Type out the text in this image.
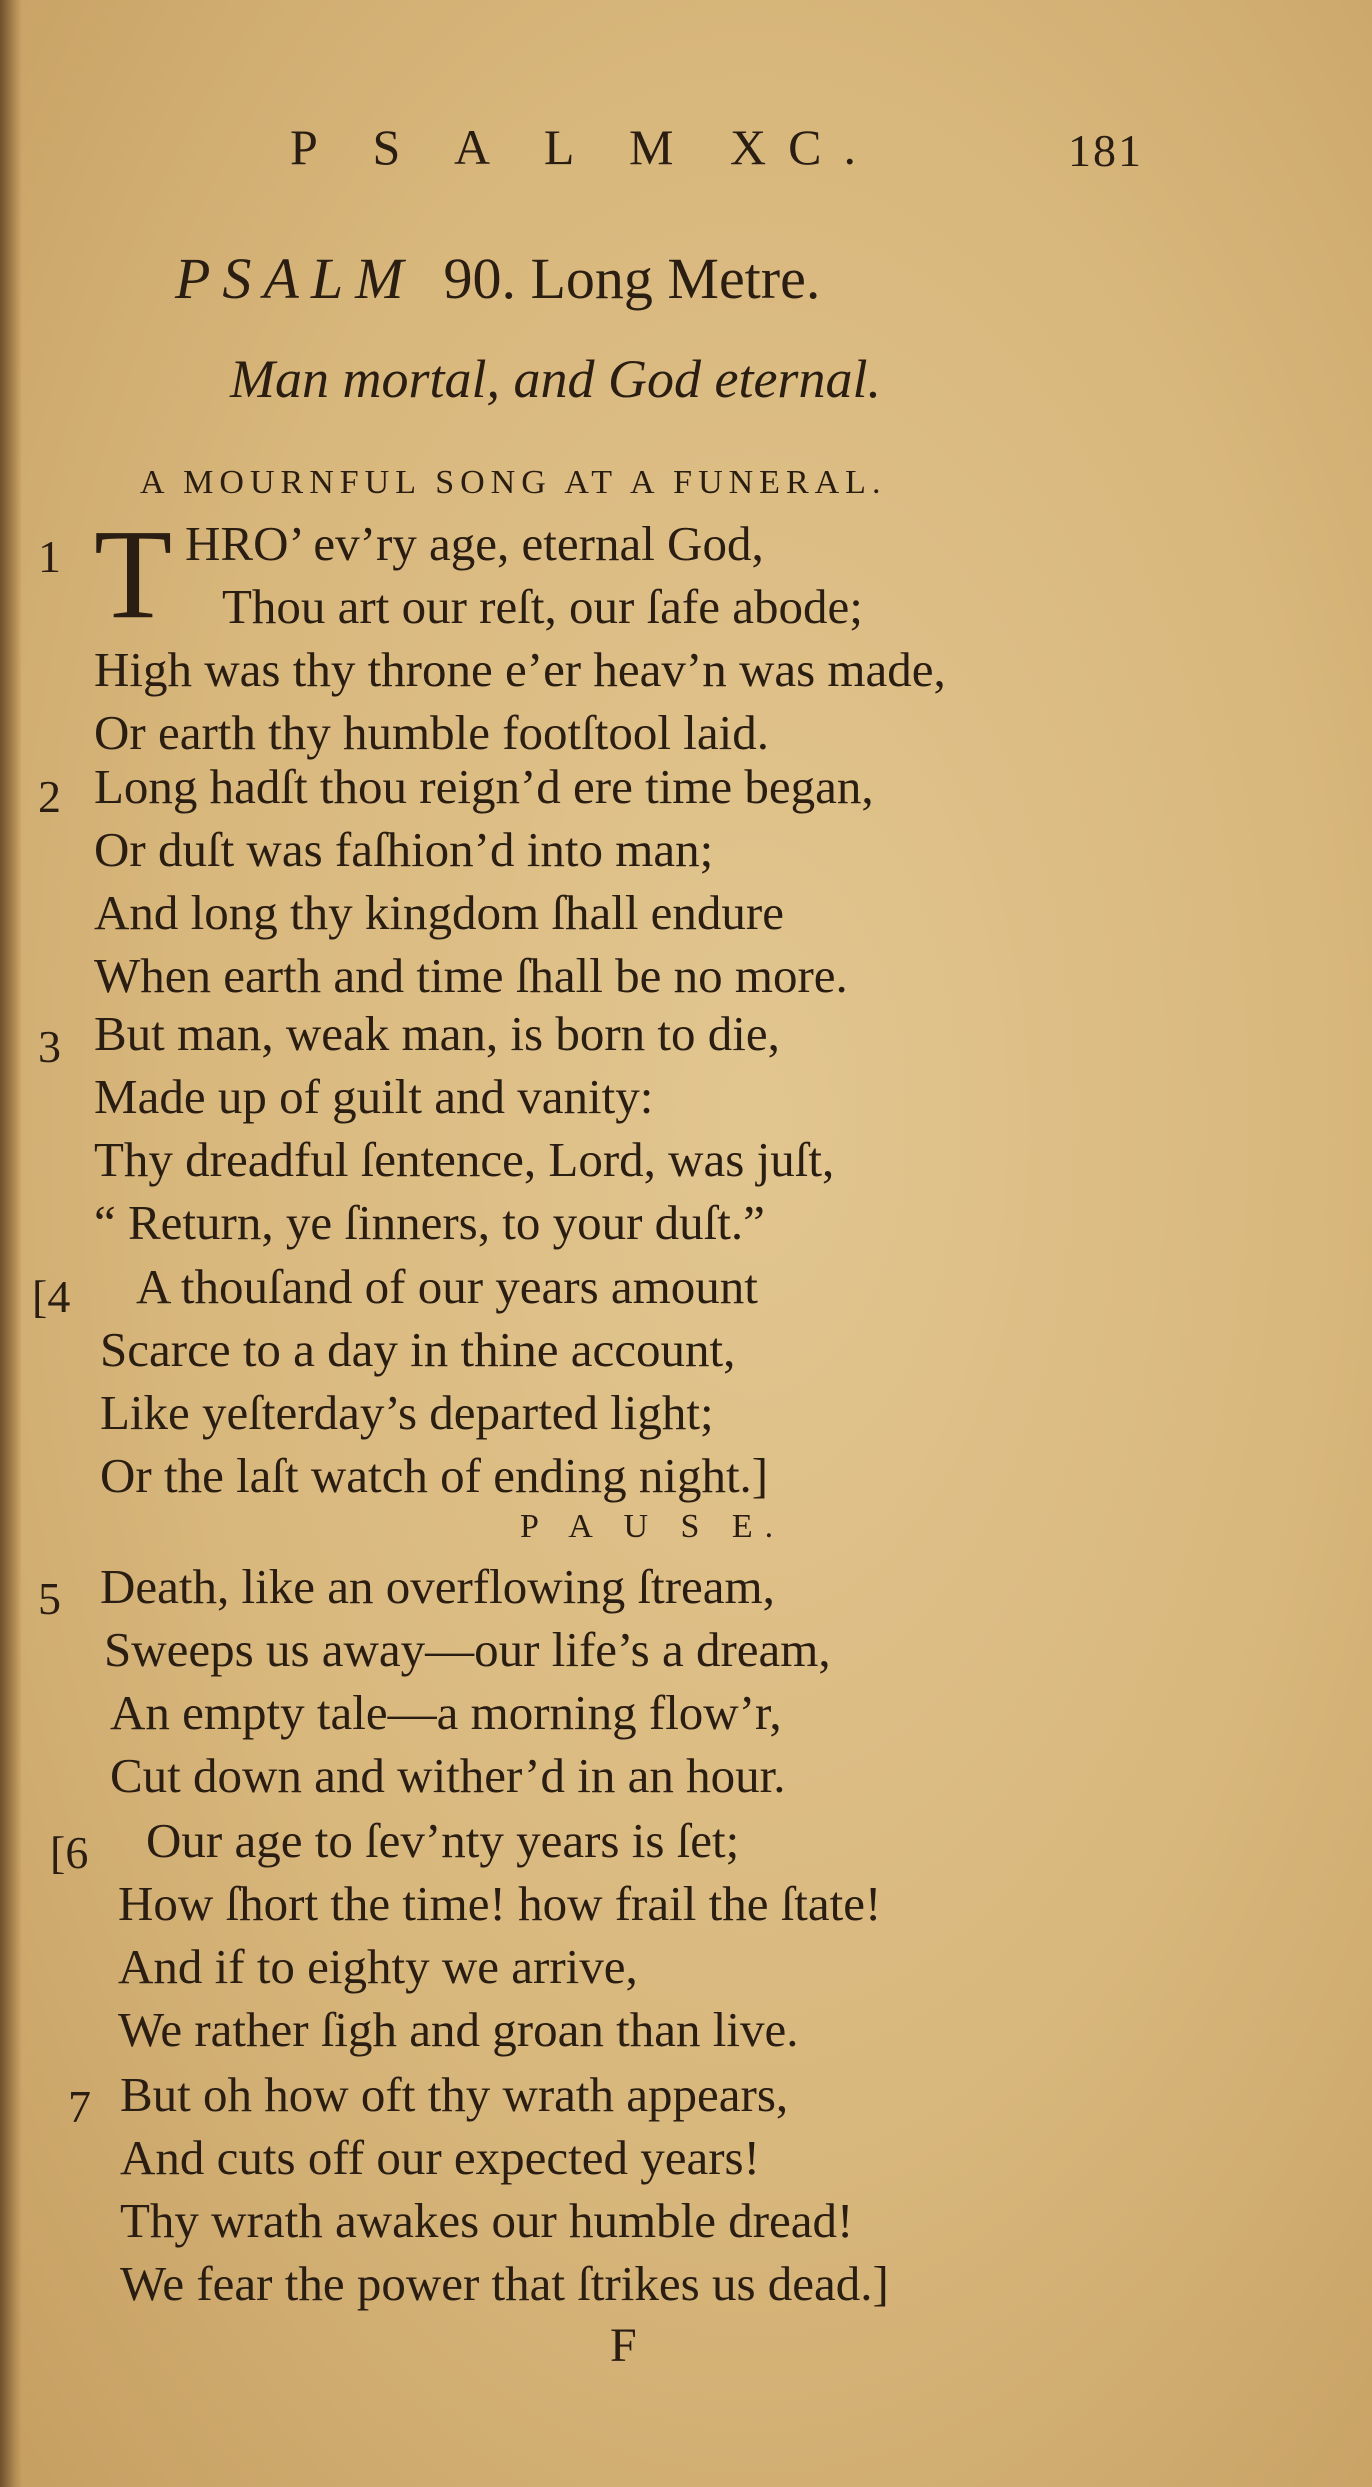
P S A L M XC.	181
PSALM 90. Long Metre.
Man mortal, and God eternal.
A MOURNFUL SONG AT A FUNERAL.
T
1	HRO’ ev’ry age, eternal God,
Thou art our reſt, our ſafe abode;
High was thy throne e’er heav’n was made,
Or earth thy humble footſtool laid.
2 Long hadſt thou reign’d ere time began,
Or duſt was faſhion’d into man;
And long thy kingdom ſhall endure
When earth and time ſhall be no more.
3 But man, weak man, is born to die,
Made up of guilt and vanity:
Thy dreadful ſentence, Lord, was juſt,
“ Return, ye ſinners, to your duſt.”
[4 A thouſand of our years amount
Scarce to a day in thine account,
Like yeſterday’s departed light;
Or the laſt watch of ending night.]
P A U S E.
5 Death, like an overflowing ſtream,
Sweeps us away—our life’s a dream,
An empty tale—a morning flow’r,
Cut down and wither’d in an hour.
[6 Our age to ſev’nty years is ſet;
How ſhort the time! how frail the ſtate!
And if to eighty we arrive,
We rather ſigh and groan than live.
7 But oh how oft thy wrath appears,
And cuts off our expected years!
Thy wrath awakes our humble dread!
We fear the power that ſtrikes us dead.]
F
